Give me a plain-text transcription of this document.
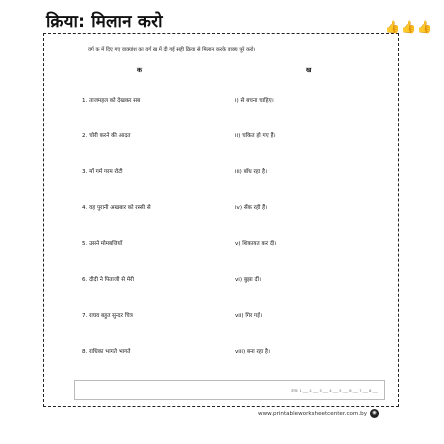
क्रिया: मिलान करो	👍 👍 👍
वर्ग क में दिए गए वाक्यांश का वर्ग ख में दी गई सही क्रिया से मिलान करके वाक्य पूरे करो।
क	ख
1. ताजमहल को देखकर सब	i) से बचना चाहिए।
2. चोरी करने की आदत	ii) चकित हो गए हैं।
3. माँ गर्म गरम रोटी	iii) बाँध रहा है।
4. वह पुरानी अखबार को रस्सी से	iv) सेंक रही हैं।
5. उसने मोमबत्तियाँ	v) शिकायत कर दी।
6. दीदी ने पिताजी से मेरी	vi) बुझा दीं।
7. राघव बहुत सुन्दर चित्र	vii) गिर गई।
8. राधिका भागते भागते	viii) बना रहा है।
उत्तर: 1 ___ 2 ___ 3 ___ 4 ___ 5 ___ 6 ___ 7 ___ 8 ___
www.printableworksheetcenter.com.by	◉
